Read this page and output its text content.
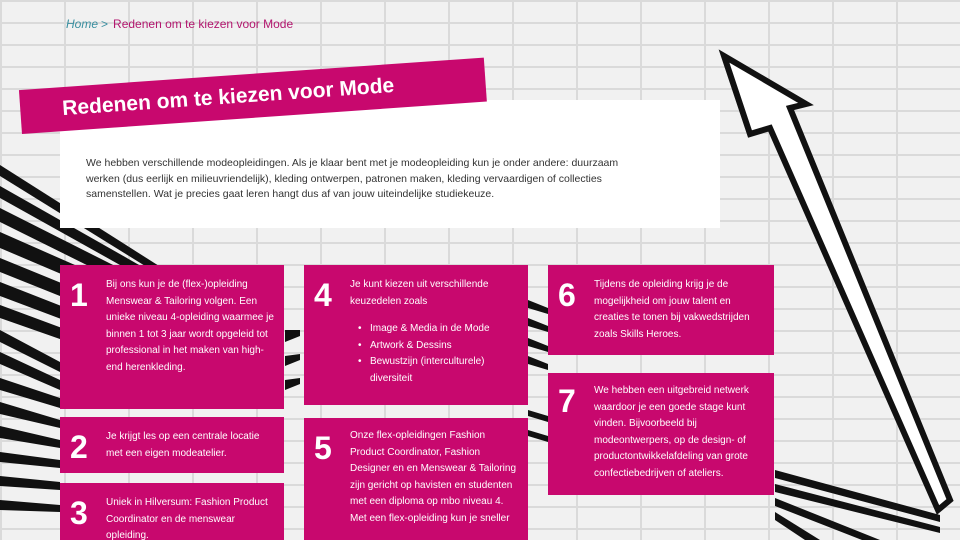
Home > Redenen om te kiezen voor Mode
Redenen om te kiezen voor Mode

We hebben verschillende modeopleidingen. Als je klaar bent met je modeopleiding kun je onder andere: duurzaam werken (dus eerlijk en milieuvriendelijk), kleding ontwerpen, patronen maken, kleding vervaardigen of collecties samenstellen. Wat je precies gaat leren hangt dus af van jouw uiteindelijke studiekeuze.

1 Bij ons kun je de (flex-)opleiding Menswear & Tailoring volgen. Een unieke niveau 4-opleiding waarmee je binnen 1 tot 3 jaar wordt opgeleid tot professional in het maken van high-end herenkleding.

2 Je krijgt les op een centrale locatie met een eigen modeatelier.

3 Uniek in Hilversum: Fashion Product Coordinator en de menswear opleiding.

4 Je kunt kiezen uit verschillende keuzedelen zoals

• Image & Media in de Mode
• Artwork & Dessins
• Bewustzijn (interculturele) diversiteit
5 Onze flex-opleidingen Fashion Product Coordinator, Fashion Designer en en Menswear & Tailoring zijn gericht op havisten en studenten met een diploma op mbo niveau 4. Met een flex-opleiding kun je sneller

6 Tijdens de opleiding krijg je de mogelijkheid om jouw talent en creaties te tonen bij vakwedstrijden zoals Skills Heroes.

7 We hebben een uitgebreid netwerk waardoor je een goede stage kunt vinden. Bijvoorbeeld bij modeontwerpers, op de design- of productontwikkelafdeling van grote confectiebedrijven of ateliers.
